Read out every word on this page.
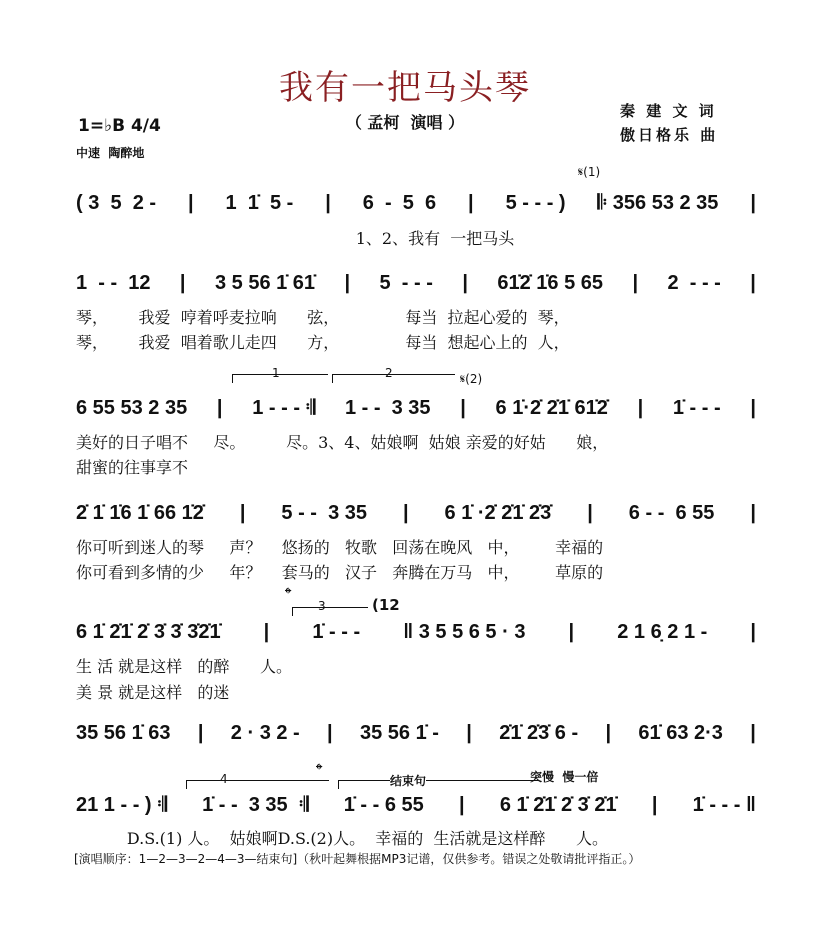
我有一把马头琴
（ 孟柯  演唱 ）
秦 建 文 词
傲日格乐 曲
1=♭B 4/4
中速  陶醉地
𝄋(1)
( 3  5  2 - | 1  1̇  5 - | 6  -  5  6 | 5 - - - ) 𝄆 356 53 2 35 |
1、2、我有  一把马头
1  - -  12 | 3 5 56 1̇ 61̇ | 5  - - - | 61̇2̇ 1̇6 5 65 | 2  - - - |
琴，      我爱  哼着呼麦拉响      弦，             每当  拉起心爱的  琴，
琴，      我爱  唱着歌儿走四      方，             每当  想起心上的  人，
1	2	𝄋(2)
6 55 53 2 35 | 1 - - - 𝄇 1 - -  3 35 | 6 1̇·2̇ 2̇1̇ 61̇2̇ | 1̇ - - - |
美好的日子唱不     尽。        尽。3、4、姑娘啊  姑娘 亲爱的好姑      娘，
甜蜜的往事享不
2̇ 1̇ 1̇6 1̇ 66 1̇2̇ | 5 - -  3 35 | 6 1̇ ·2̇ 2̇1̇ 2̇3̇ | 6 - -  6 55 |
你可听到迷人的琴     声？    悠扬的   牧歌   回荡在晚风   中，       幸福的
你可看到多情的少     年？    套马的   汉子   奔腾在万马   中，       草原的
𝄌
3	(12
6 1̇ 2̇1̇ 2̇ 3̇ 3̇ 3̇2̇1̇ | 1̇ - - - ‖ 3 5 5 6 5 · 3 | 2 1 6̣ 2 1 - |
生 活 就是这样   的醉      人。
美 景 就是这样   的迷
35 56 1̇ 63 | 2 · 3 2 - | 35 56 1̇ - | 2̇1̇ 2̇3̇ 6 - | 61̇ 63 2·3 |
4	𝄌	结束句	突慢  慢一倍
21 1 - - ) 𝄇 1̇ - -  3 35  𝄇 1̇ - - 6 55 | 6 1̇ 2̇1̇ 2̇ 3̇ 2̇1̇ | 1̇ - - - ‖
D.S.(1) 人。  姑娘啊D.S.(2)人。  幸福的  生活就是这样醉      人。
[演唱顺序：1—2—3—2—4—3—结束句]（秋叶起舞根据MP3记谱，仅供参考。错误之处敬请批评指正。）
